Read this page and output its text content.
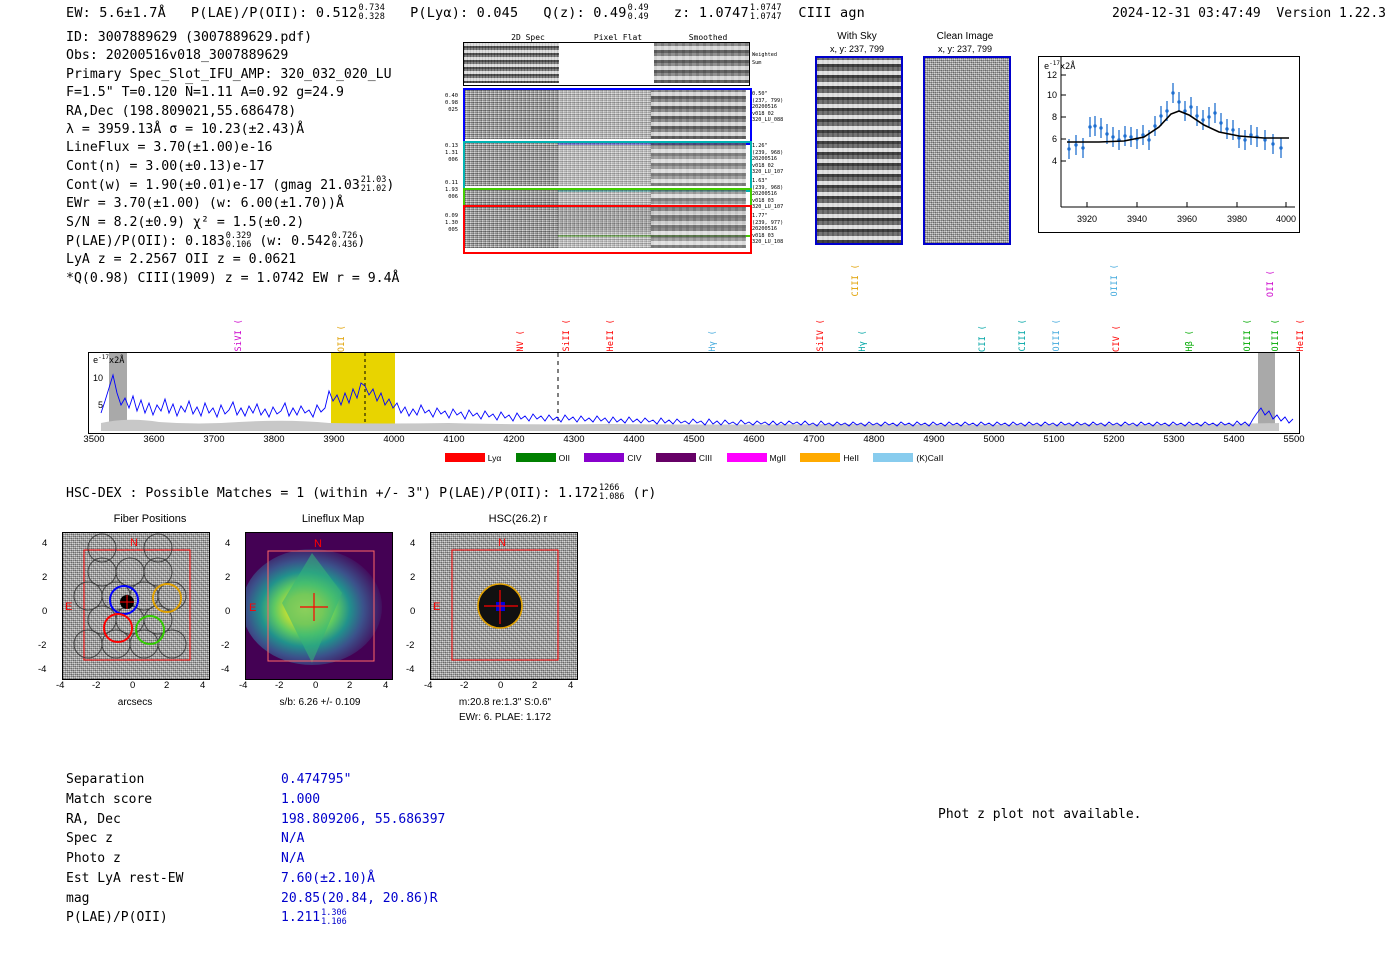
EW: 5.6±1.7Å P(LAE)/P(OII): 0.5120.734
0.328 P(Lyα): 0.045 Q(z): 0.490.49
0.49 z: 1.07471.0747
1.0747 CIII agn	2024-12-31 03:47:49 Version 1.22.3
ID: 3007889629 (3007889629.pdf)
Obs: 20200516v018_3007889629
Primary Spec_Slot_IFU_AMP: 320_032_020_LU
F=1.5" T=0.120 N̅=1.11 A=0.92 g=24.9
RA,Dec (198.809021,55.686478)
λ = 3959.13Å σ = 10.23(±2.43)Å
LineFlux = 3.70(±1.00)e-16
Cont(n) = 3.00(±0.13)e-17
Cont(w) = 1.90(±0.01)e-17 (gmag 21.0321.03
21.02)
EWr = 3.70(±1.00) (w: 6.00(±1.70))Å
S/N = 8.2(±0.9) χ² = 1.5(±0.2)
P(LAE)/P(OII): 0.1830.329
0.106 (w: 0.5420.726
0.436)
LyA z = 2.2567 OII z = 0.0621
*Q(0.98) CIII(1909) z = 1.0742 EW r = 9.4Å
2D Spec	Pixel Flat	Smoothed
Weighted
Sum
0.40
0.98
025
0.50"
(237, 799)
20200516
v018 02
320_LU_088
0.13
1.31
006
1.26"
(239, 968)
20200516
v018 02
320_LU_107
0.11
1.93
006
1.63"
(239, 968)
20200516
v018 03
320_LU_107
0.09
1.30
005
1.77"
(239, 977)
20200516
v018 03
320_LU_108
With Sky
x, y: 237, 799
Clean Image
x, y: 237, 799
$e^{-17}x2Å$
4
6
8
10
12
3920	3940	3960	3980	4000
SiVI (	OII (	NV (	SiII (	HeII (	Hγ (	SiIV (	Hγ (
CIII (
CII (	CIII (	OIII (	CIV (
OIII (
Hβ (	OIII ( OIII (
OII (
HeII (
$e^{-17}x2Å$
10
5
3500	3600	3700	3800	3900	4000	4100	4200	4300	4400	4500	4600	4700	4800	4900	5000	5100	5200	5300	5400	5500
Lyα	OII	CIV	CIII	MgII	HeII	(K)CaII
HSC-DEX : Possible Matches = 1 (within +/- 3") P(LAE)/P(OII): 1.1721266
1.086 (r)
Fiber Positions
4
2
0
-2
-4
N
E
-4	-2	0	2	4
arcsecs
Lineflux Map
4
2
0
-2
-4
N
E
-4	-2	0	2	4
s/b: 6.26 +/- 0.109
HSC(26.2) r
4
2
0
-2
-4
N
E
-4	-2	0	2	4
m:20.8 re:1.3" S:0.6"
EWr: 6. PLAE: 1.172
Separation	0.474795"
Match score	1.000
RA, Dec	198.809206, 55.686397
Spec z	N/A
Photo z	N/A
Est LyA rest-EW	7.60(±2.10)Å
mag	20.85(20.84, 20.86)R
P(LAE)/P(OII)	1.2111.306
1.106
Phot z plot not available.
